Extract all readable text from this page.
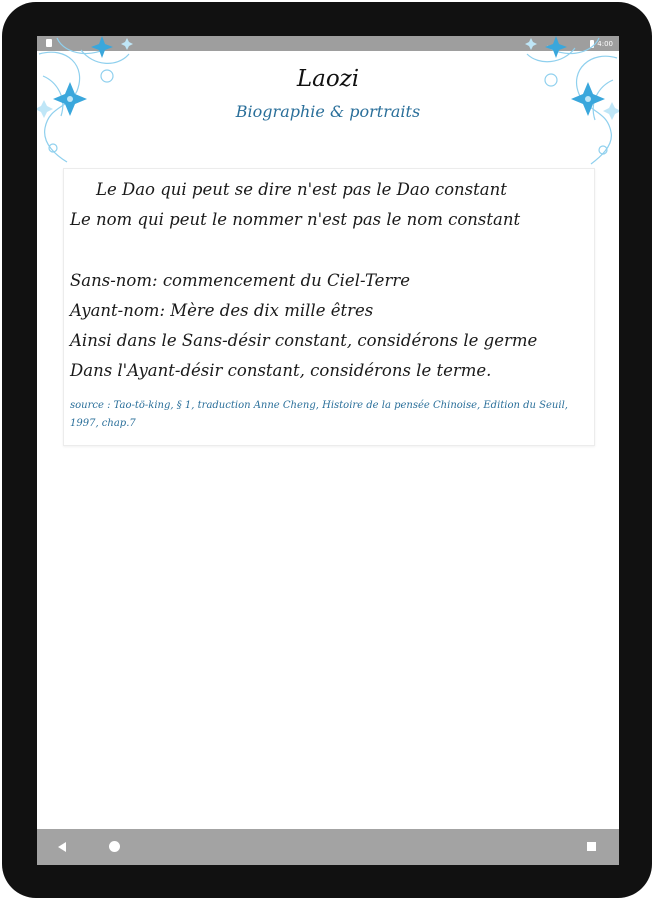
4:00
Laozi
Biographie & portraits
Le Dao qui peut se dire n'est pas le Dao constant
Le nom qui peut le nommer n'est pas le nom constant
Sans-nom: commencement du Ciel-Terre
Ayant-nom: Mère des dix mille êtres
Ainsi dans le Sans-désir constant, considérons le germe
Dans l'Ayant-désir constant, considérons le terme.
source : Tao-tö-king, § 1, traduction Anne Cheng, Histoire de la pensée Chinoise, Edition du Seuil, 1997, chap.7
